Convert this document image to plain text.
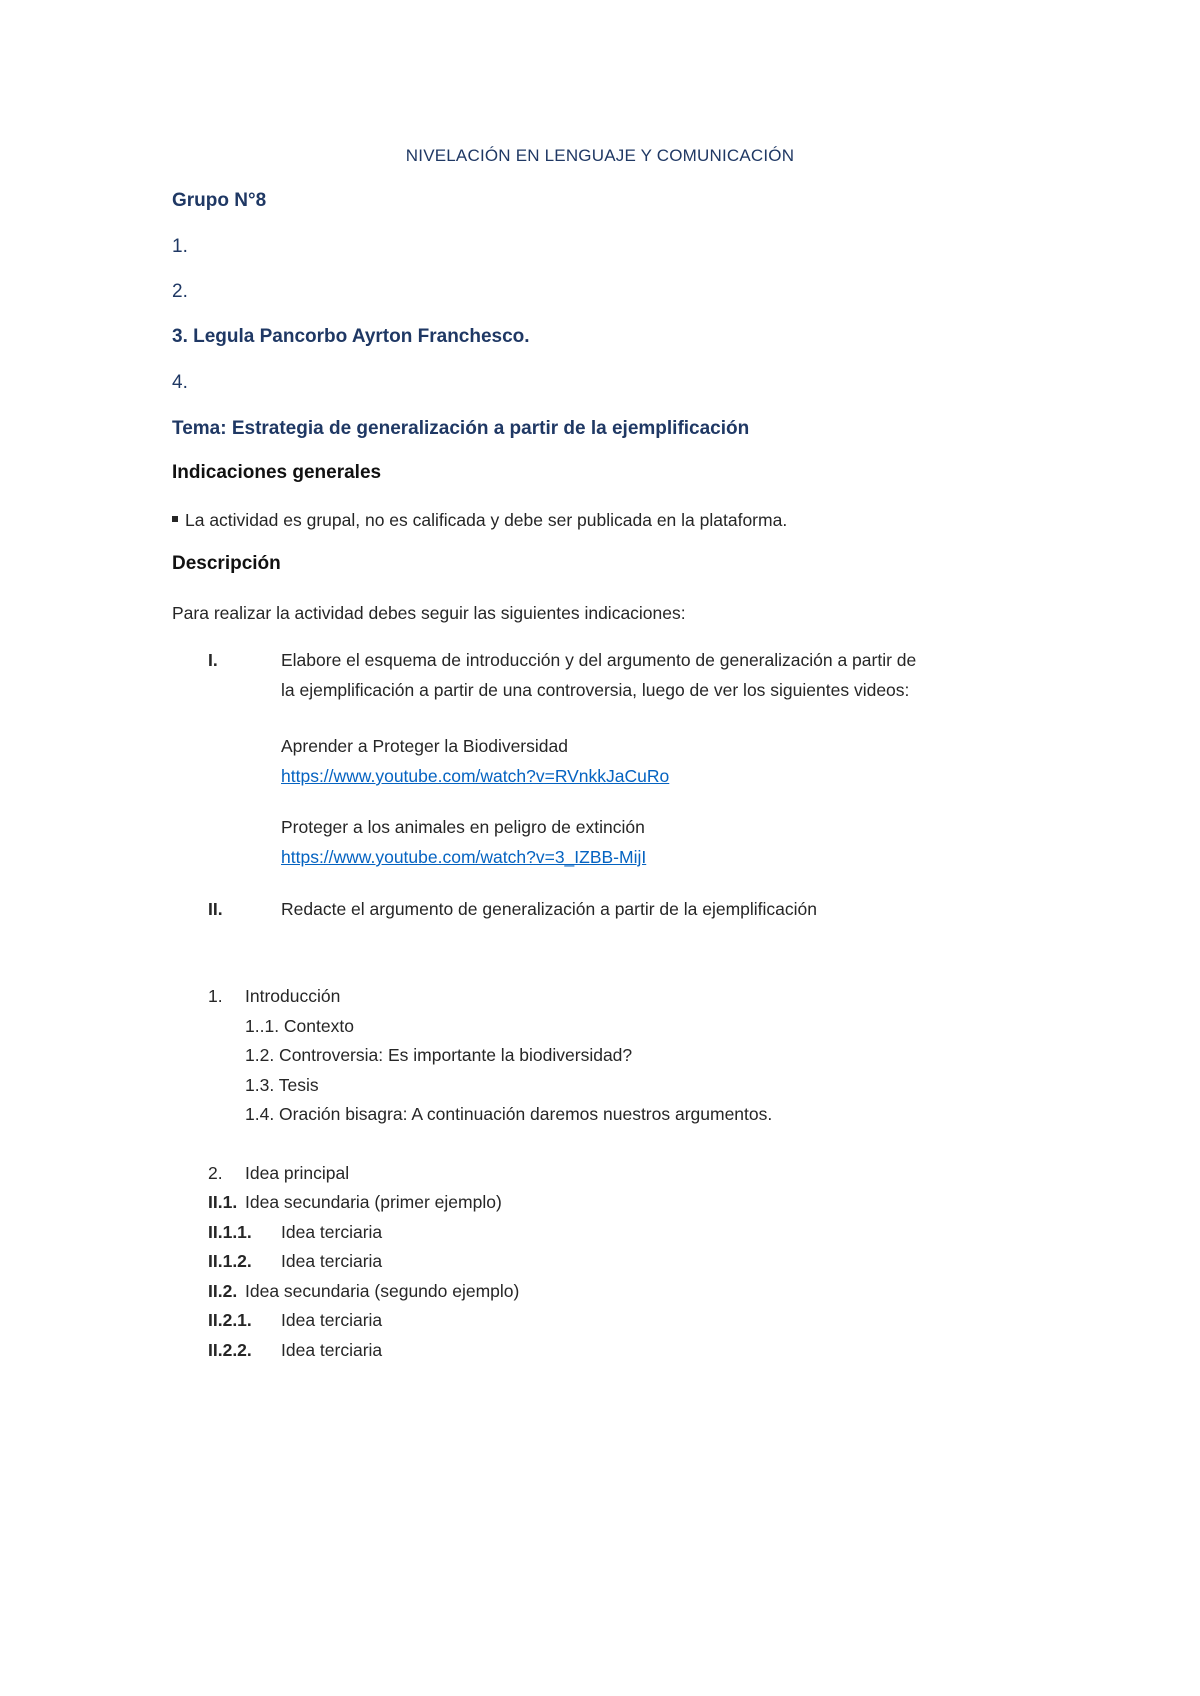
NIVELACIÓN EN LENGUAJE Y COMUNICACIÓN
Grupo N°8
1.
2.
3. Legula Pancorbo Ayrton Franchesco.
4.
Tema: Estrategia de generalización a partir de la ejemplificación
Indicaciones generales
La actividad es grupal, no es calificada y debe ser publicada en la plataforma.
Descripción
Para realizar la actividad debes seguir las siguientes indicaciones:
I.	Elabore el esquema de introducción y del argumento de generalización a partir de
la ejemplificación a partir de una controversia, luego de ver los siguientes videos:
Aprender a Proteger la Biodiversidad
https://www.youtube.com/watch?v=RVnkkJaCuRo
Proteger a los animales en peligro de extinción
https://www.youtube.com/watch?v=3_IZBB-MijI
II.	Redacte el argumento de generalización a partir de la ejemplificación
1. Introducción
1..1. Contexto
1.2. Controversia: Es importante la biodiversidad?
1.3. Tesis
1.4. Oración bisagra: A continuación daremos nuestros argumentos.
2. Idea principal
II.1. Idea secundaria (primer ejemplo)
II.1.1. Idea terciaria
II.1.2. Idea terciaria
II.2. Idea secundaria (segundo ejemplo)
II.2.1. Idea terciaria
II.2.2. Idea terciaria
